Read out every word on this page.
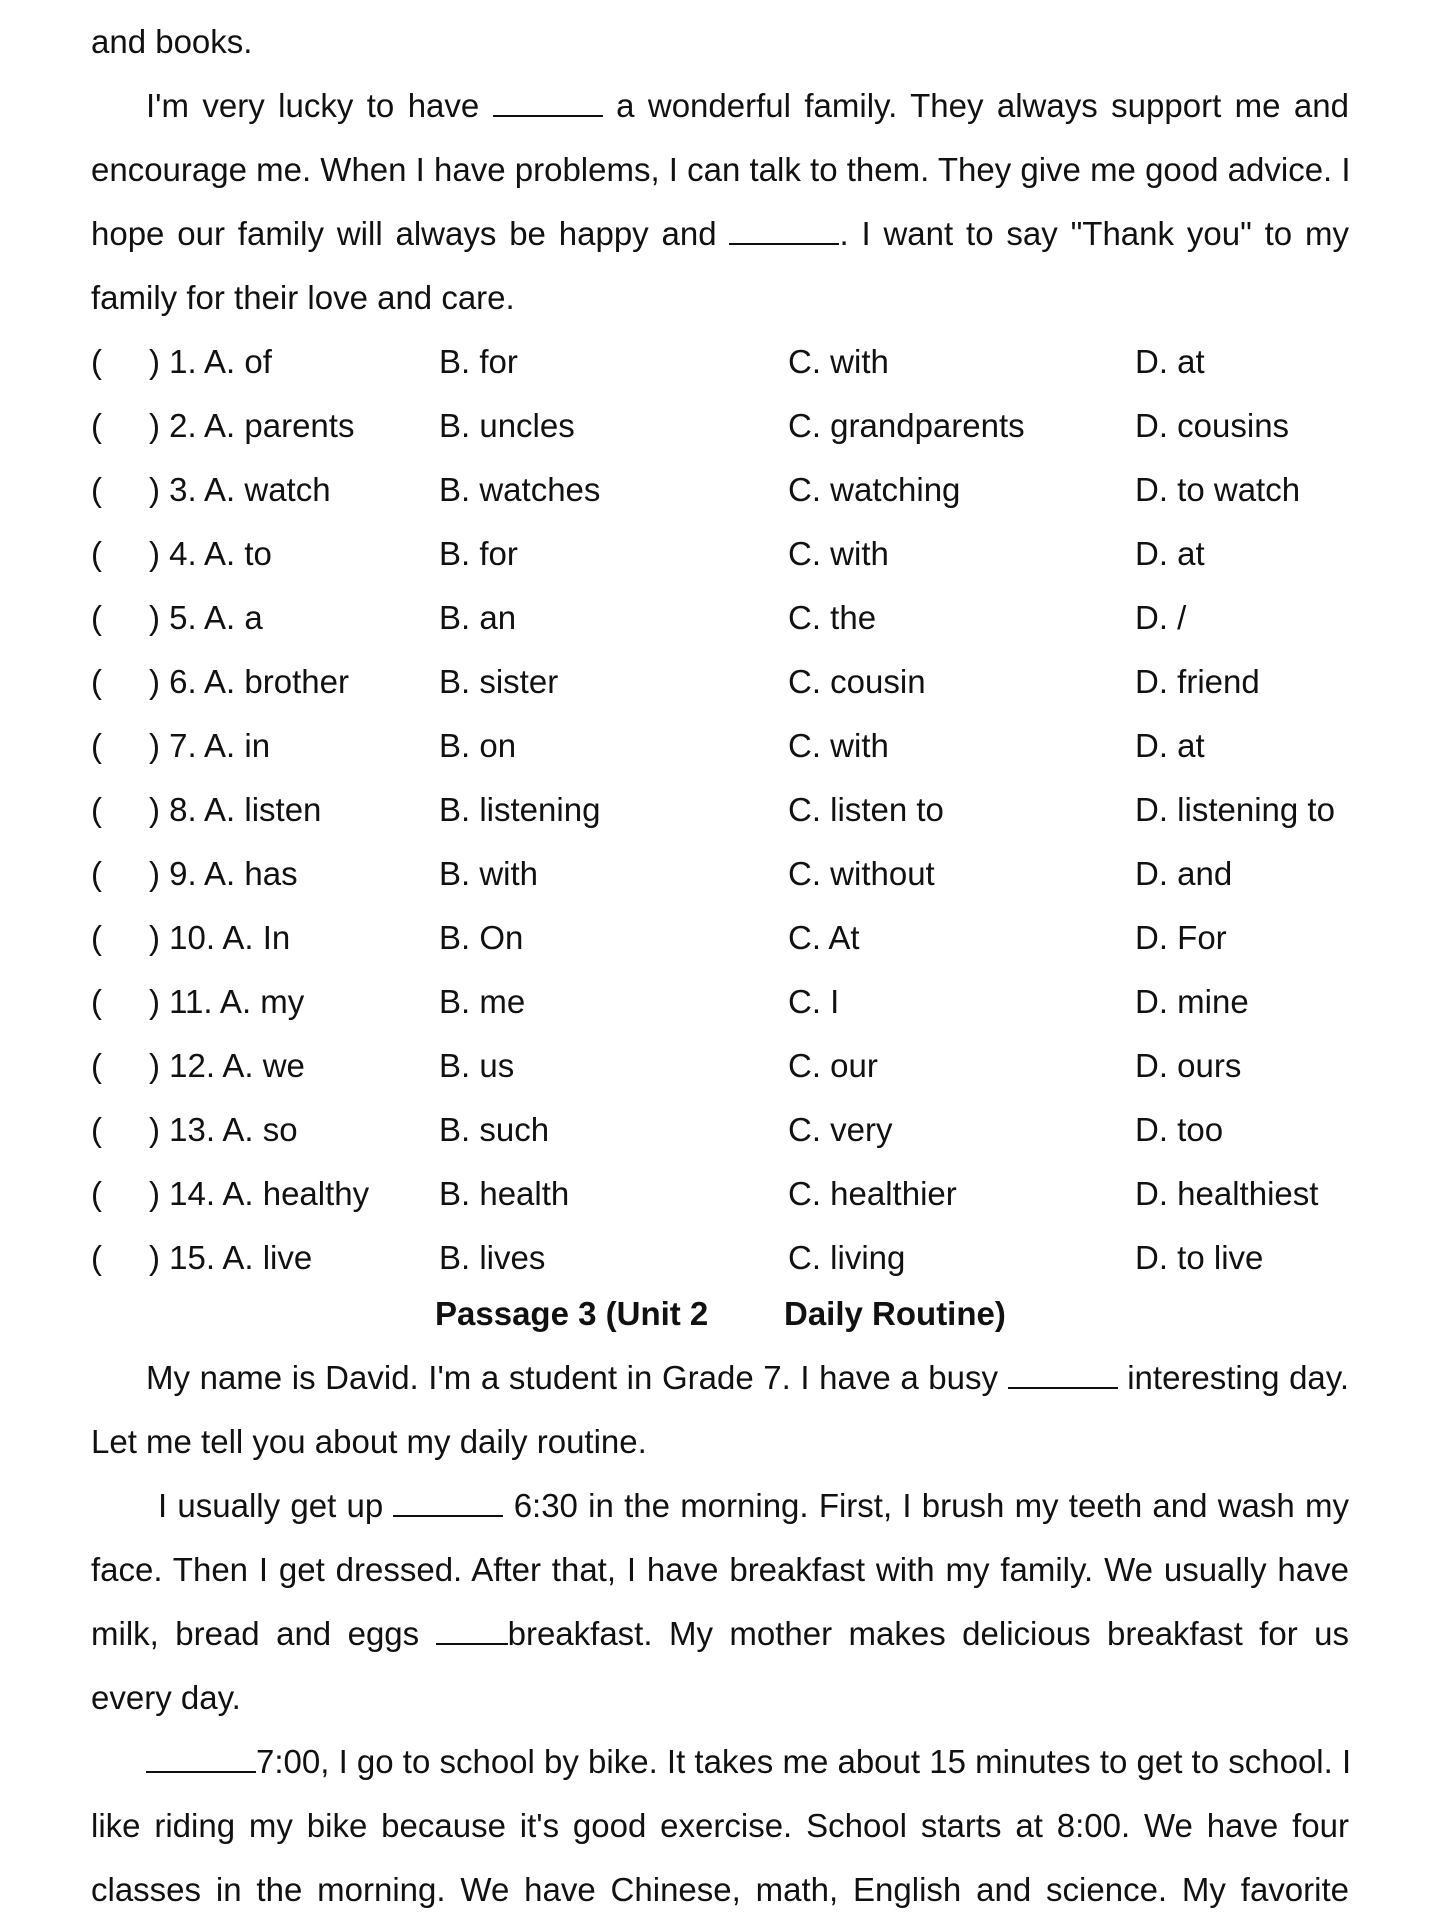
and books.
I'm very lucky to have	a wonderful family. They always support me and
encourage me. When I have problems, I can talk to them. They give me good advice. I
hope our family will always be happy and	. I want to say "Thank you" to my
family for their love and care.
( ) 1. A. of	B. for	C. with	D. at
( ) 2. A. parents	B. uncles	C. grandparents	D. cousins
( ) 3. A. watch	B. watches	C. watching	D. to watch
( ) 4. A. to	B. for	C. with	D. at
( ) 5. A. a	B. an	C. the	D. /
( ) 6. A. brother	B. sister	C. cousin	D. friend
( ) 7. A. in	B. on	C. with	D. at
( ) 8. A. listen	B. listening	C. listen to	D. listening to
( ) 9. A. has	B. with	C. without	D. and
( ) 10. A. In	B. On	C. At	D. For
( ) 11. A. my	B. me	C. I	D. mine
( ) 12. A. we	B. us	C. our	D. ours
( ) 13. A. so	B. such	C. very	D. too
( ) 14. A. healthy B. health	C. healthier	D. healthiest
( ) 15. A. live	B. lives	C. living	D. to live
Passage 3 (Unit 2 Daily Routine)
My name is David. I'm a student in Grade 7. I have a busy	interesting day.
Let me tell you about my daily routine.
I usually get up	6:30 in the morning. First, I brush my teeth and wash my
face. Then I get dressed. After that, I have breakfast with my family. We usually have
milk, bread and eggs	breakfast. My mother makes delicious breakfast for us
every day.
7:00, I go to school by bike. It takes me about 15 minutes to get to school. I
like riding my bike because it's good exercise. School starts at 8:00. We have four
classes in the morning. We have Chinese, math, English and science. My favorite
